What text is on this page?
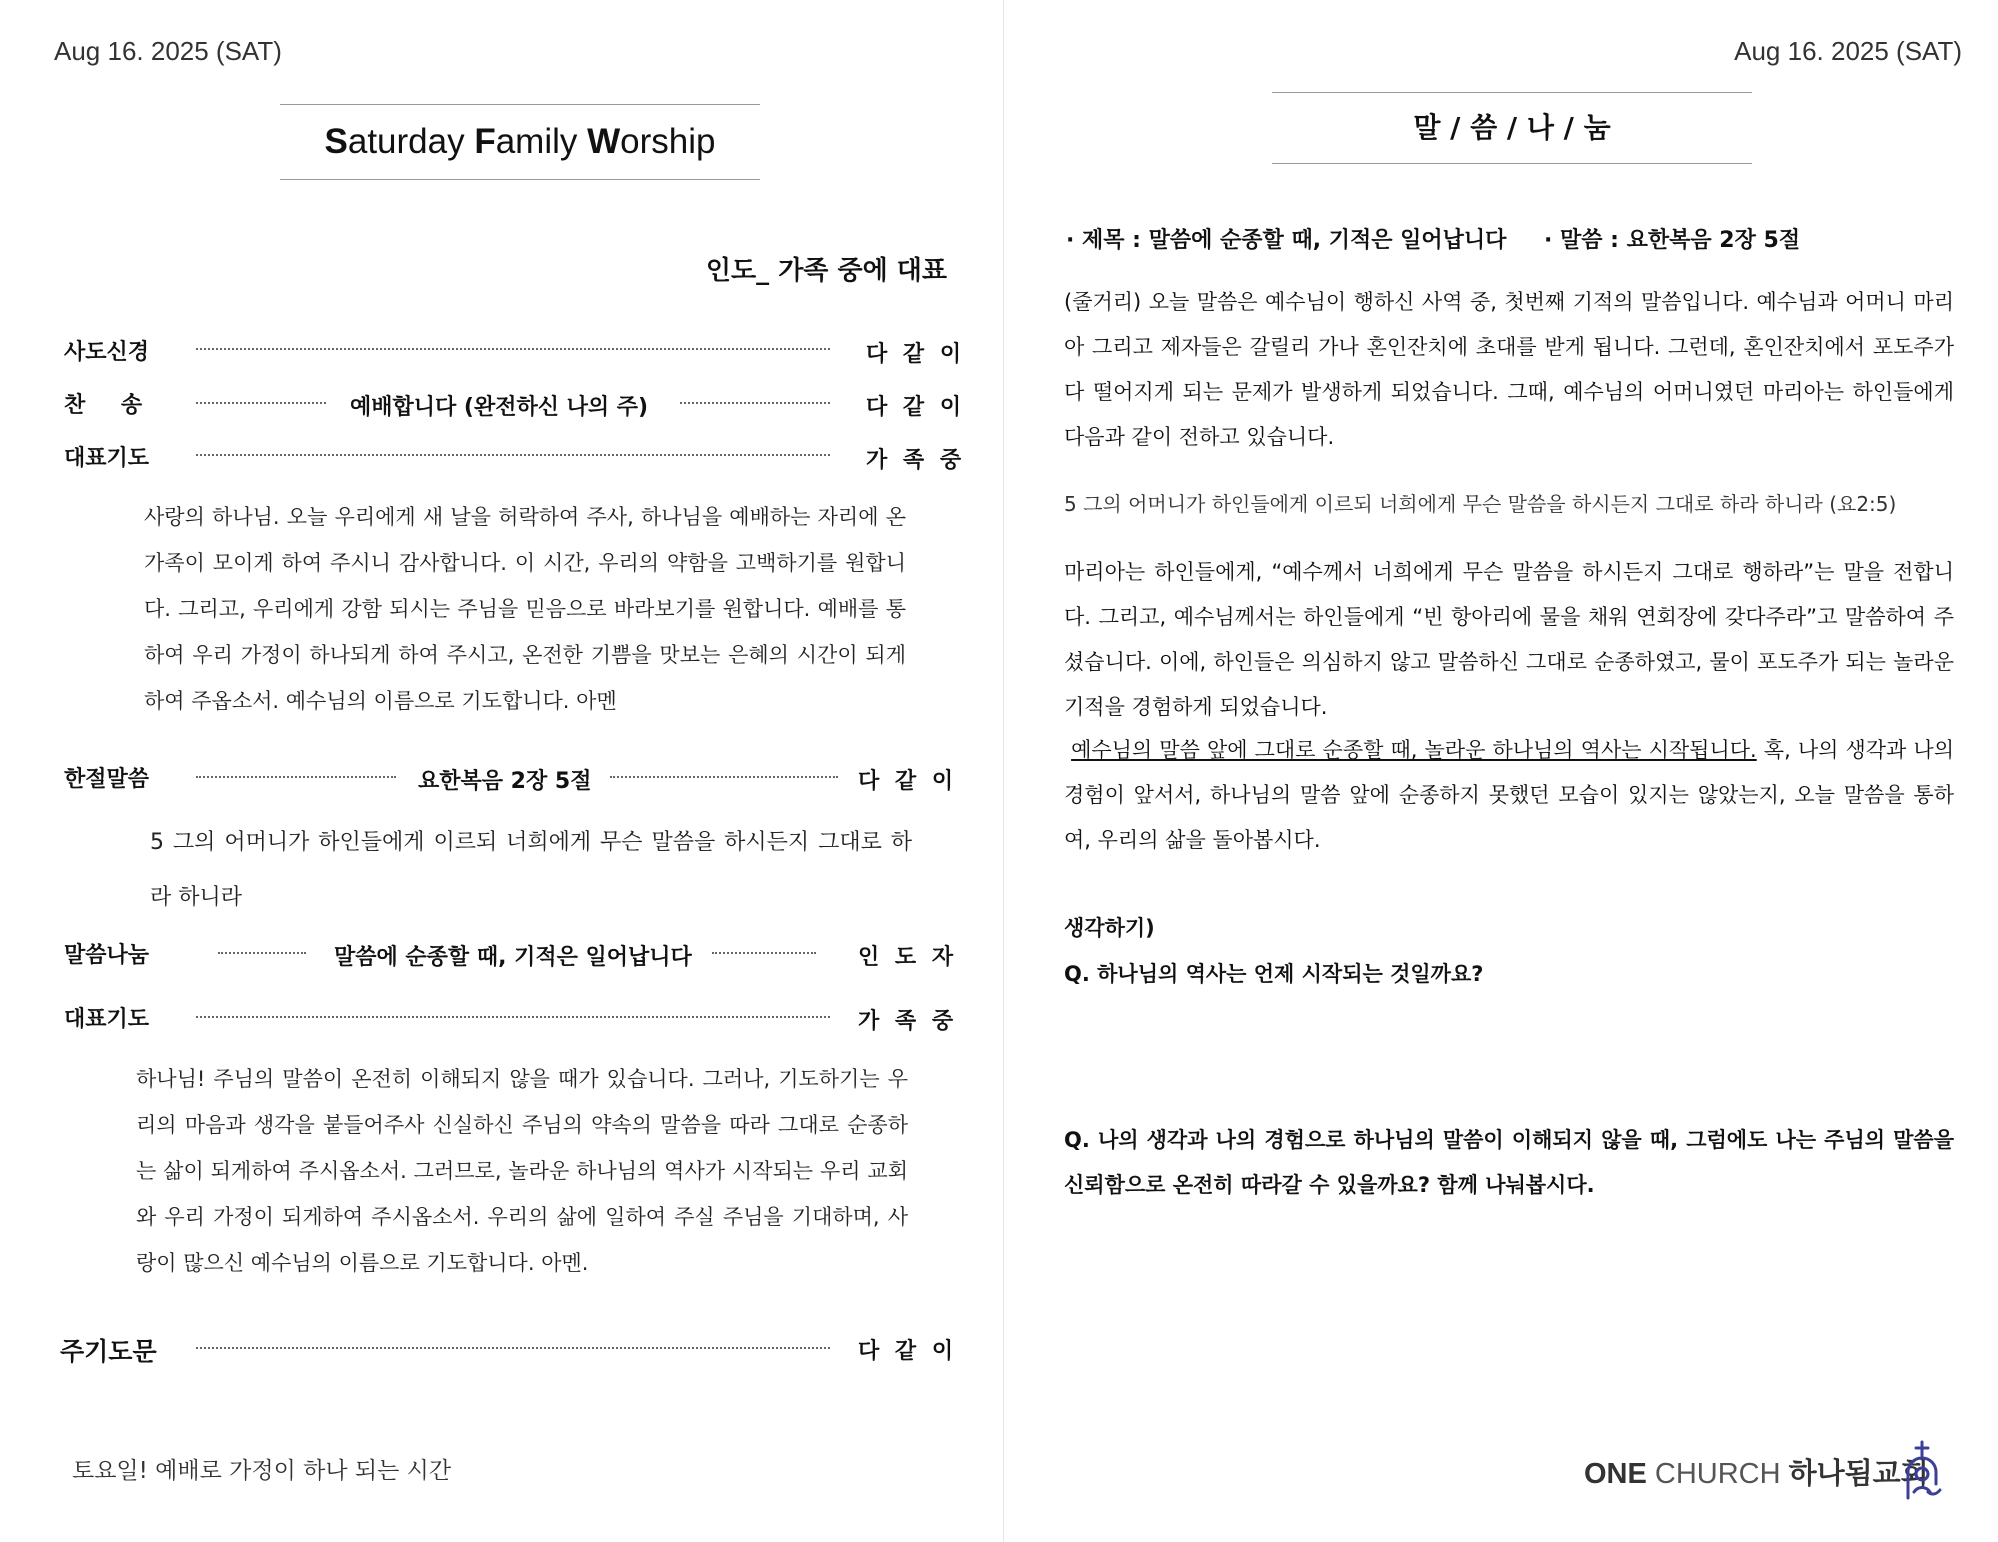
Aug 16. 2025 (SAT)
Saturday Family Worship
인도_ 가족 중에 대표
사도신경	다 같 이
찬　 송	예배합니다 (완전하신 나의 주)	다 같 이
대표기도	가 족 중
사랑의 하나님. 오늘 우리에게 새 날을 허락하여 주사, 하나님을 예배하는 자리에 온 가족이 모이게 하여 주시니 감사합니다. 이 시간, 우리의 약함을 고백하기를 원합니다. 그리고, 우리에게 강함 되시는 주님을 믿음으로 바라보기를 원합니다. 예배를 통하여 우리 가정이 하나되게 하여 주시고, 온전한 기쁨을 맛보는 은혜의 시간이 되게하여 주옵소서. 예수님의 이름으로 기도합니다. 아멘
한절말씀	요한복음 2장 5절	다 같 이
5 그의 어머니가 하인들에게 이르되 너희에게 무슨 말씀을 하시든지 그대로 하라 하니라
말씀나눔	말씀에 순종할 때, 기적은 일어납니다	인 도 자
대표기도	가 족 중
하나님! 주님의 말씀이 온전히 이해되지 않을 때가 있습니다. 그러나, 기도하기는 우리의 마음과 생각을 붙들어주사 신실하신 주님의 약속의 말씀을 따라 그대로 순종하는 삶이 되게하여 주시옵소서. 그러므로, 놀라운 하나님의 역사가 시작되는 우리 교회와 우리 가정이 되게하여 주시옵소서. 우리의 삶에 일하여 주실 주님을 기대하며, 사랑이 많으신 예수님의 이름으로 기도합니다. 아멘.
주기도문	다 같 이
토요일! 예배로 가정이 하나 되는 시간
Aug 16. 2025 (SAT)
말 / 씀 / 나 / 눔
· 제목 : 말씀에 순종할 때, 기적은 일어납니다 · 말씀 : 요한복음 2장 5절
(줄거리) 오늘 말씀은 예수님이 행하신 사역 중, 첫번째 기적의 말씀입니다. 예수님과 어머니 마리아 그리고 제자들은 갈릴리 가나 혼인잔치에 초대를 받게 됩니다. 그런데, 혼인잔치에서 포도주가 다 떨어지게 되는 문제가 발생하게 되었습니다. 그때, 예수님의 어머니였던 마리아는 하인들에게 다음과 같이 전하고 있습니다.
5 그의 어머니가 하인들에게 이르되 너희에게 무슨 말씀을 하시든지 그대로 하라 하니라 (요2:5)
마리아는 하인들에게, “예수께서 너희에게 무슨 말씀을 하시든지 그대로 행하라”는 말을 전합니다. 그리고, 예수님께서는 하인들에게 “빈 항아리에 물을 채워 연회장에 갖다주라”고 말씀하여 주셨습니다. 이에, 하인들은 의심하지 않고 말씀하신 그대로 순종하였고, 물이 포도주가 되는 놀라운 기적을 경험하게 되었습니다.
예수님의 말씀 앞에 그대로 순종할 때, 놀라운 하나님의 역사는 시작됩니다. 혹, 나의 생각과 나의 경험이 앞서서, 하나님의 말씀 앞에 순종하지 못했던 모습이 있지는 않았는지, 오늘 말씀을 통하여, 우리의 삶을 돌아봅시다.
생각하기)
Q. 하나님의 역사는 언제 시작되는 것일까요?
Q. 나의 생각과 나의 경험으로 하나님의 말씀이 이해되지 않을 때, 그럼에도 나는 주님의 말씀을 신뢰함으로 온전히 따라갈 수 있을까요? 함께 나눠봅시다.
ONE CHURCH 하나됨교회
